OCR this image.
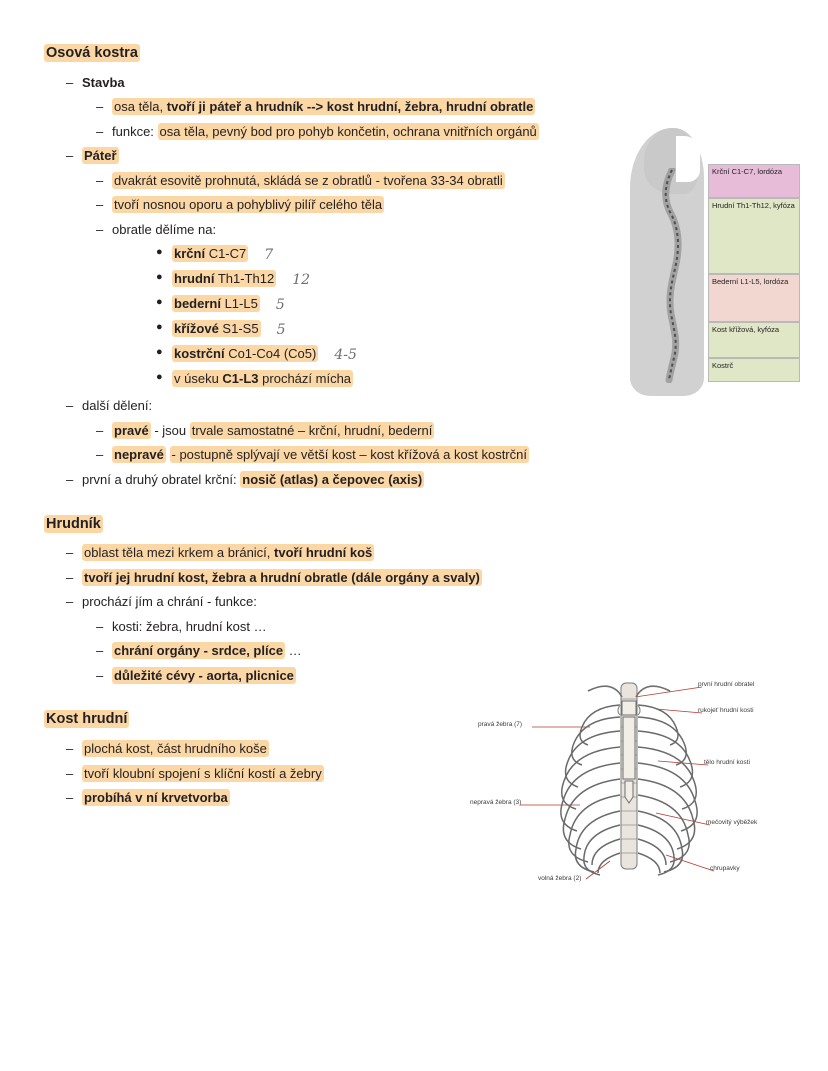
Osová kostra
– Stavba
– osa těla, tvoří ji páteř a hrudník --> kost hrudní, žebra, hrudní obratle
– funkce: osa těla, pevný bod pro pohyb končetin, ochrana vnitřních orgánů
– Páteř
– dvakrát esovitě prohnutá, skládá se z obratlů - tvořena 33-34 obratli
– tvoří nosnou oporu a pohyblivý pilíř celého těla
– obratle dělíme na:
● krční C1-C7 7
● hrudní Th1-Th12 12
● bederní L1-L5 5
● křížové S1-S5 5
● kostrční Co1-Co4 (Co5) 4-5
● v úseku C1-L3 prochází mícha
– další dělení:
– pravé - jsou trvale samostatné – krční, hrudní, bederní
– nepravé - postupně splývají ve větší kost – kost křížová a kost kostrční
– první a druhý obratel krční: nosič (atlas) a čepovec (axis)
Hrudník
– oblast těla mezi krkem a bránicí, tvoří hrudní koš
– tvoří jej hrudní kost, žebra a hrudní obratle (dále orgány a svaly)
– prochází jím a chrání - funkce:
– kosti: žebra, hrudní kost …
– chrání orgány - srdce, plíce …
– důležité cévy - aorta, plicnice
Kost hrudní
– plochá kost, část hrudního koše
– tvoří kloubní spojení s klíční kostí a žebry
– probíhá v ní krvetvorba
Krční C1-C7, lordóza
Hrudní Th1-Th12, kyfóza
Bederní L1-L5, lordóza
Kost křížová, kyfóza
Kostrč
první hrudní obratel
rukojeť hrudní kosti
pravá žebra (7)
tělo hrudní kosti
nepravá žebra (3)
mečovitý výběžek
volná žebra (2)
chrupavky
